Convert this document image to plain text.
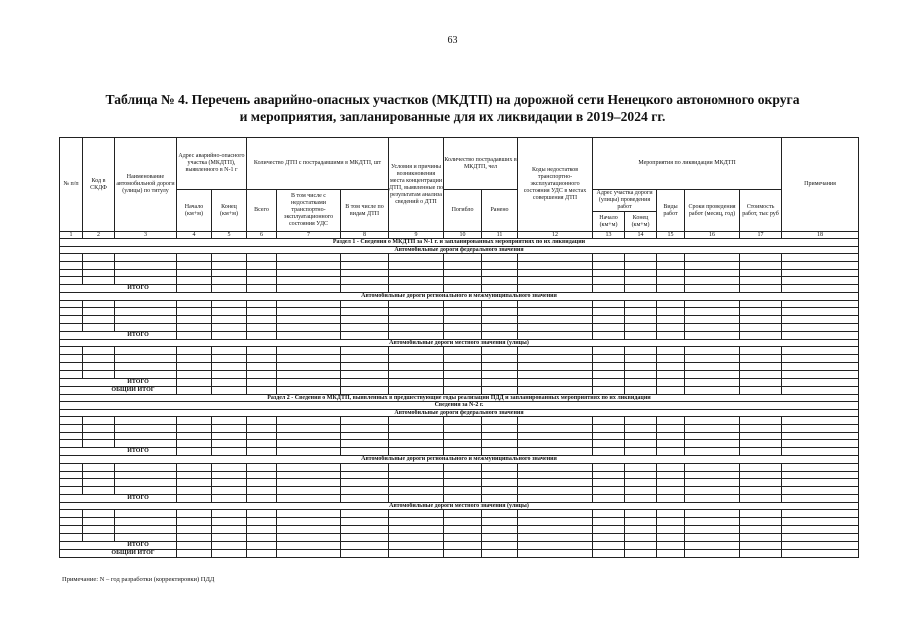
63
Таблица № 4. Перечень аварийно-опасных участков (МКДТП) на дорожной сети Ненецкого автономного округа
и мероприятия, запланированные для их ликвидации в 2019–2024 гг.
№ п/п	Код в СКДФ	Наименование автомобильной дороги (улицы) по титулу	Адрес аварийно-опасного участка (МКДТП), выявленного в N-1 г		Количество ДТП с пострадавшими в МКДТП, шт			Условия и причины возникновения места концентрации ДТП, выявленные по результатам анализа сведений о ДТП	Количество пострадавших в МКДТП, чел		Коды недостатков транспортно-эксплуатационного состояния УДС в местах совершения ДТП	Мероприятия по ликвидации МКДТП					Примечания
			Начало (км+м)	Конец (км+м)	Всего	В том числе с недостатками транспортно-эксплуатационного состояния УДС	В том числе по видам ДТП		Погибло	Ранено		Адрес участка дороги (улицы) проведения работ		Виды работ	Сроки проведения работ (месяц, год)	Стоимость работ, тыс руб	
												Начало (км+м)	Конец (км+м)				
1	2	3	4	5	6	7	8	9	10	11	12	13	14	15	16	17	18
Раздел 1 - Сведения о МКДТП за N-1 г. и запланированных мероприятиях по их ликвидации																	
Автомобильные дороги федерального значения																	

ИТОГО																	
Автомобильные дороги регионального и межмуниципального значения																	

ИТОГО																	
Автомобильные дороги местного значения (улицы)																	

ИТОГО																	
ОБЩИЙ ИТОГ																	
Раздел 2 - Сведения о МКДТП, выявленных в предшествующие годы реализации ПДД и запланированных мероприятиях по их ликвидации																	
Сведения за N-2 г.																	
Автомобильные дороги федерального значения																	

ИТОГО																	
Автомобильные дороги регионального и межмуниципального значения																	

ИТОГО																	
Автомобильные дороги местного значения (улицы)																	

ИТОГО																	
ОБЩИЙ ИТОГ																	
Примечание: N – год разработки (корректировки) ПДД
